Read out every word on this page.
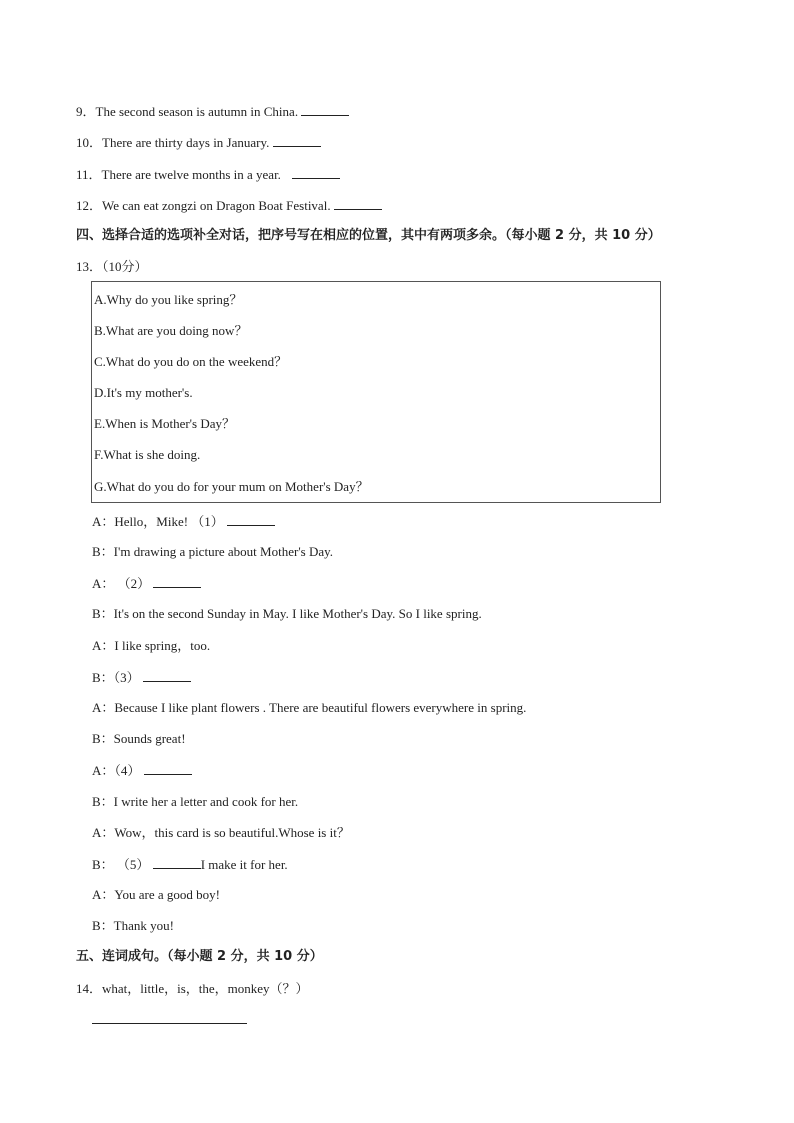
9．The second season is autumn in China.
10．There are thirty days in January.
11．There are twelve months in a year.
12．We can eat zongzi on Dragon Boat Festival.
四、选择合适的选项补全对话，把序号写在相应的位置，其中有两项多余。（每小题 2 分，共 10 分）
13．（10分）
A.Why do you like spring？
B.What are you doing now？
C.What do you do on the weekend？
D.It's my mother's.
E.When is Mother's Day？
F.What is she doing.
G.What do you do for your mum on Mother's Day？
A：Hello，Mike! （1）
B：I'm drawing a picture about Mother's Day.
A： （2）
B：It's on the second Sunday in May. I like Mother's Day. So I like spring.
A：I like spring，too.
B：（3）
A：Because I like plant flowers . There are beautiful flowers everywhere in spring.
B：Sounds great!
A：（4）
B：I write her a letter and cook for her.
A：Wow，this card is so beautiful.Whose is it？
B： （5）	I make it for her.
A：You are a good boy!
B：Thank you!
五、连词成句。（每小题 2 分，共 10 分）
14．what，little，is，the，monkey（？）
